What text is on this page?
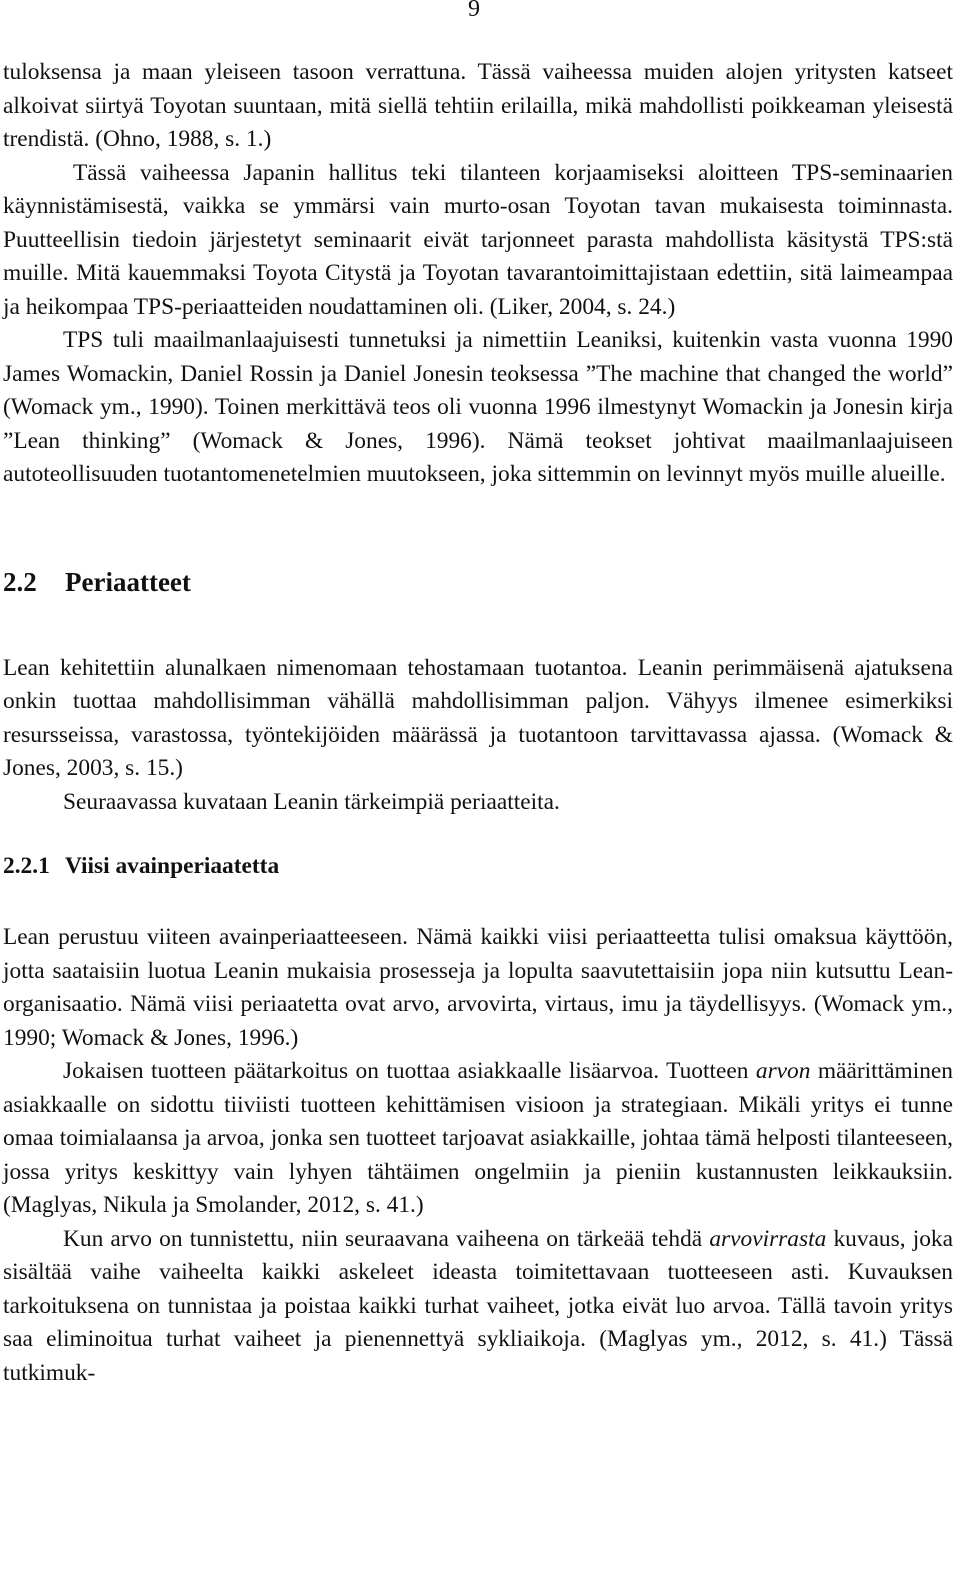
9

tuloksensa ja maan yleiseen tasoon verrattuna. Tässä vaiheessa muiden alojen yritysten katseet alkoivat siirtyä Toyotan suuntaan, mitä siellä tehtiin erilailla, mikä mahdollisti poikkeaman yleisestä trendistä. (Ohno, 1988, s. 1.)

Tässä vaiheessa Japanin hallitus teki tilanteen korjaamiseksi aloitteen TPS-seminaarien käynnistämisestä, vaikka se ymmärsi vain murto-osan Toyotan tavan mukaisesta toiminnasta. Puutteellisin tiedoin järjestetyt seminaarit eivät tarjonneet parasta mahdollista käsitystä TPS:stä muille. Mitä kauemmaksi Toyota Citystä ja Toyotan tavarantoimittajistaan edettiin, sitä laimeampaa ja heikompaa TPS-periaatteiden noudattaminen oli. (Liker, 2004, s. 24.)

TPS tuli maailmanlaajuisesti tunnetuksi ja nimettiin Leaniksi, kuitenkin vasta vuonna 1990 James Womackin, Daniel Rossin ja Daniel Jonesin teoksessa ”The machine that changed the world” (Womack ym., 1990). Toinen merkittävä teos oli vuonna 1996 ilmestynyt Womackin ja Jonesin kirja ”Lean thinking” (Womack & Jones, 1996). Nämä teokset johtivat maailmanlaajuiseen autoteollisuuden tuotantomenetelmien muutokseen, joka sittemmin on levinnyt myös muille alueille.

2.2	Periaatteet

Lean kehitettiin alunalkaen nimenomaan tehostamaan tuotantoa. Leanin perimmäisenä ajatuksena onkin tuottaa mahdollisimman vähällä mahdollisimman paljon. Vähyys ilmenee esimerkiksi resursseissa, varastossa, työntekijöiden määrässä ja tuotantoon tarvittavassa ajassa. (Womack & Jones, 2003, s. 15.)

Seuraavassa kuvataan Leanin tärkeimpiä periaatteita.

2.2.1 Viisi avainperiaatetta

Lean perustuu viiteen avainperiaatteeseen. Nämä kaikki viisi periaatteetta tulisi omaksua käyttöön, jotta saataisiin luotua Leanin mukaisia prosesseja ja lopulta saavutettaisiin jopa niin kutsuttu Lean-organisaatio. Nämä viisi periaatetta ovat arvo, arvovirta, virtaus, imu ja täydellisyys. (Womack ym., 1990; Womack & Jones, 1996.)

Jokaisen tuotteen päätarkoitus on tuottaa asiakkaalle lisäarvoa. Tuotteen arvon määrittäminen asiakkaalle on sidottu tiiviisti tuotteen kehittämisen visioon ja strategiaan. Mikäli yritys ei tunne omaa toimialaansa ja arvoa, jonka sen tuotteet tarjoavat asiakkaille, johtaa tämä helposti tilanteeseen, jossa yritys keskittyy vain lyhyen tähtäimen ongelmiin ja pieniin kustannusten leikkauksiin. (Maglyas, Nikula ja Smolander, 2012, s. 41.)

Kun arvo on tunnistettu, niin seuraavana vaiheena on tärkeää tehdä arvovirrasta kuvaus, joka sisältää vaihe vaiheelta kaikki askeleet ideasta toimitettavaan tuotteeseen asti. Kuvauksen tarkoituksena on tunnistaa ja poistaa kaikki turhat vaiheet, jotka eivät luo arvoa. Tällä tavoin yritys saa eliminoitua turhat vaiheet ja pienennettyä sykliaikoja. (Maglyas ym., 2012, s. 41.) Tässä tutkimuk-
